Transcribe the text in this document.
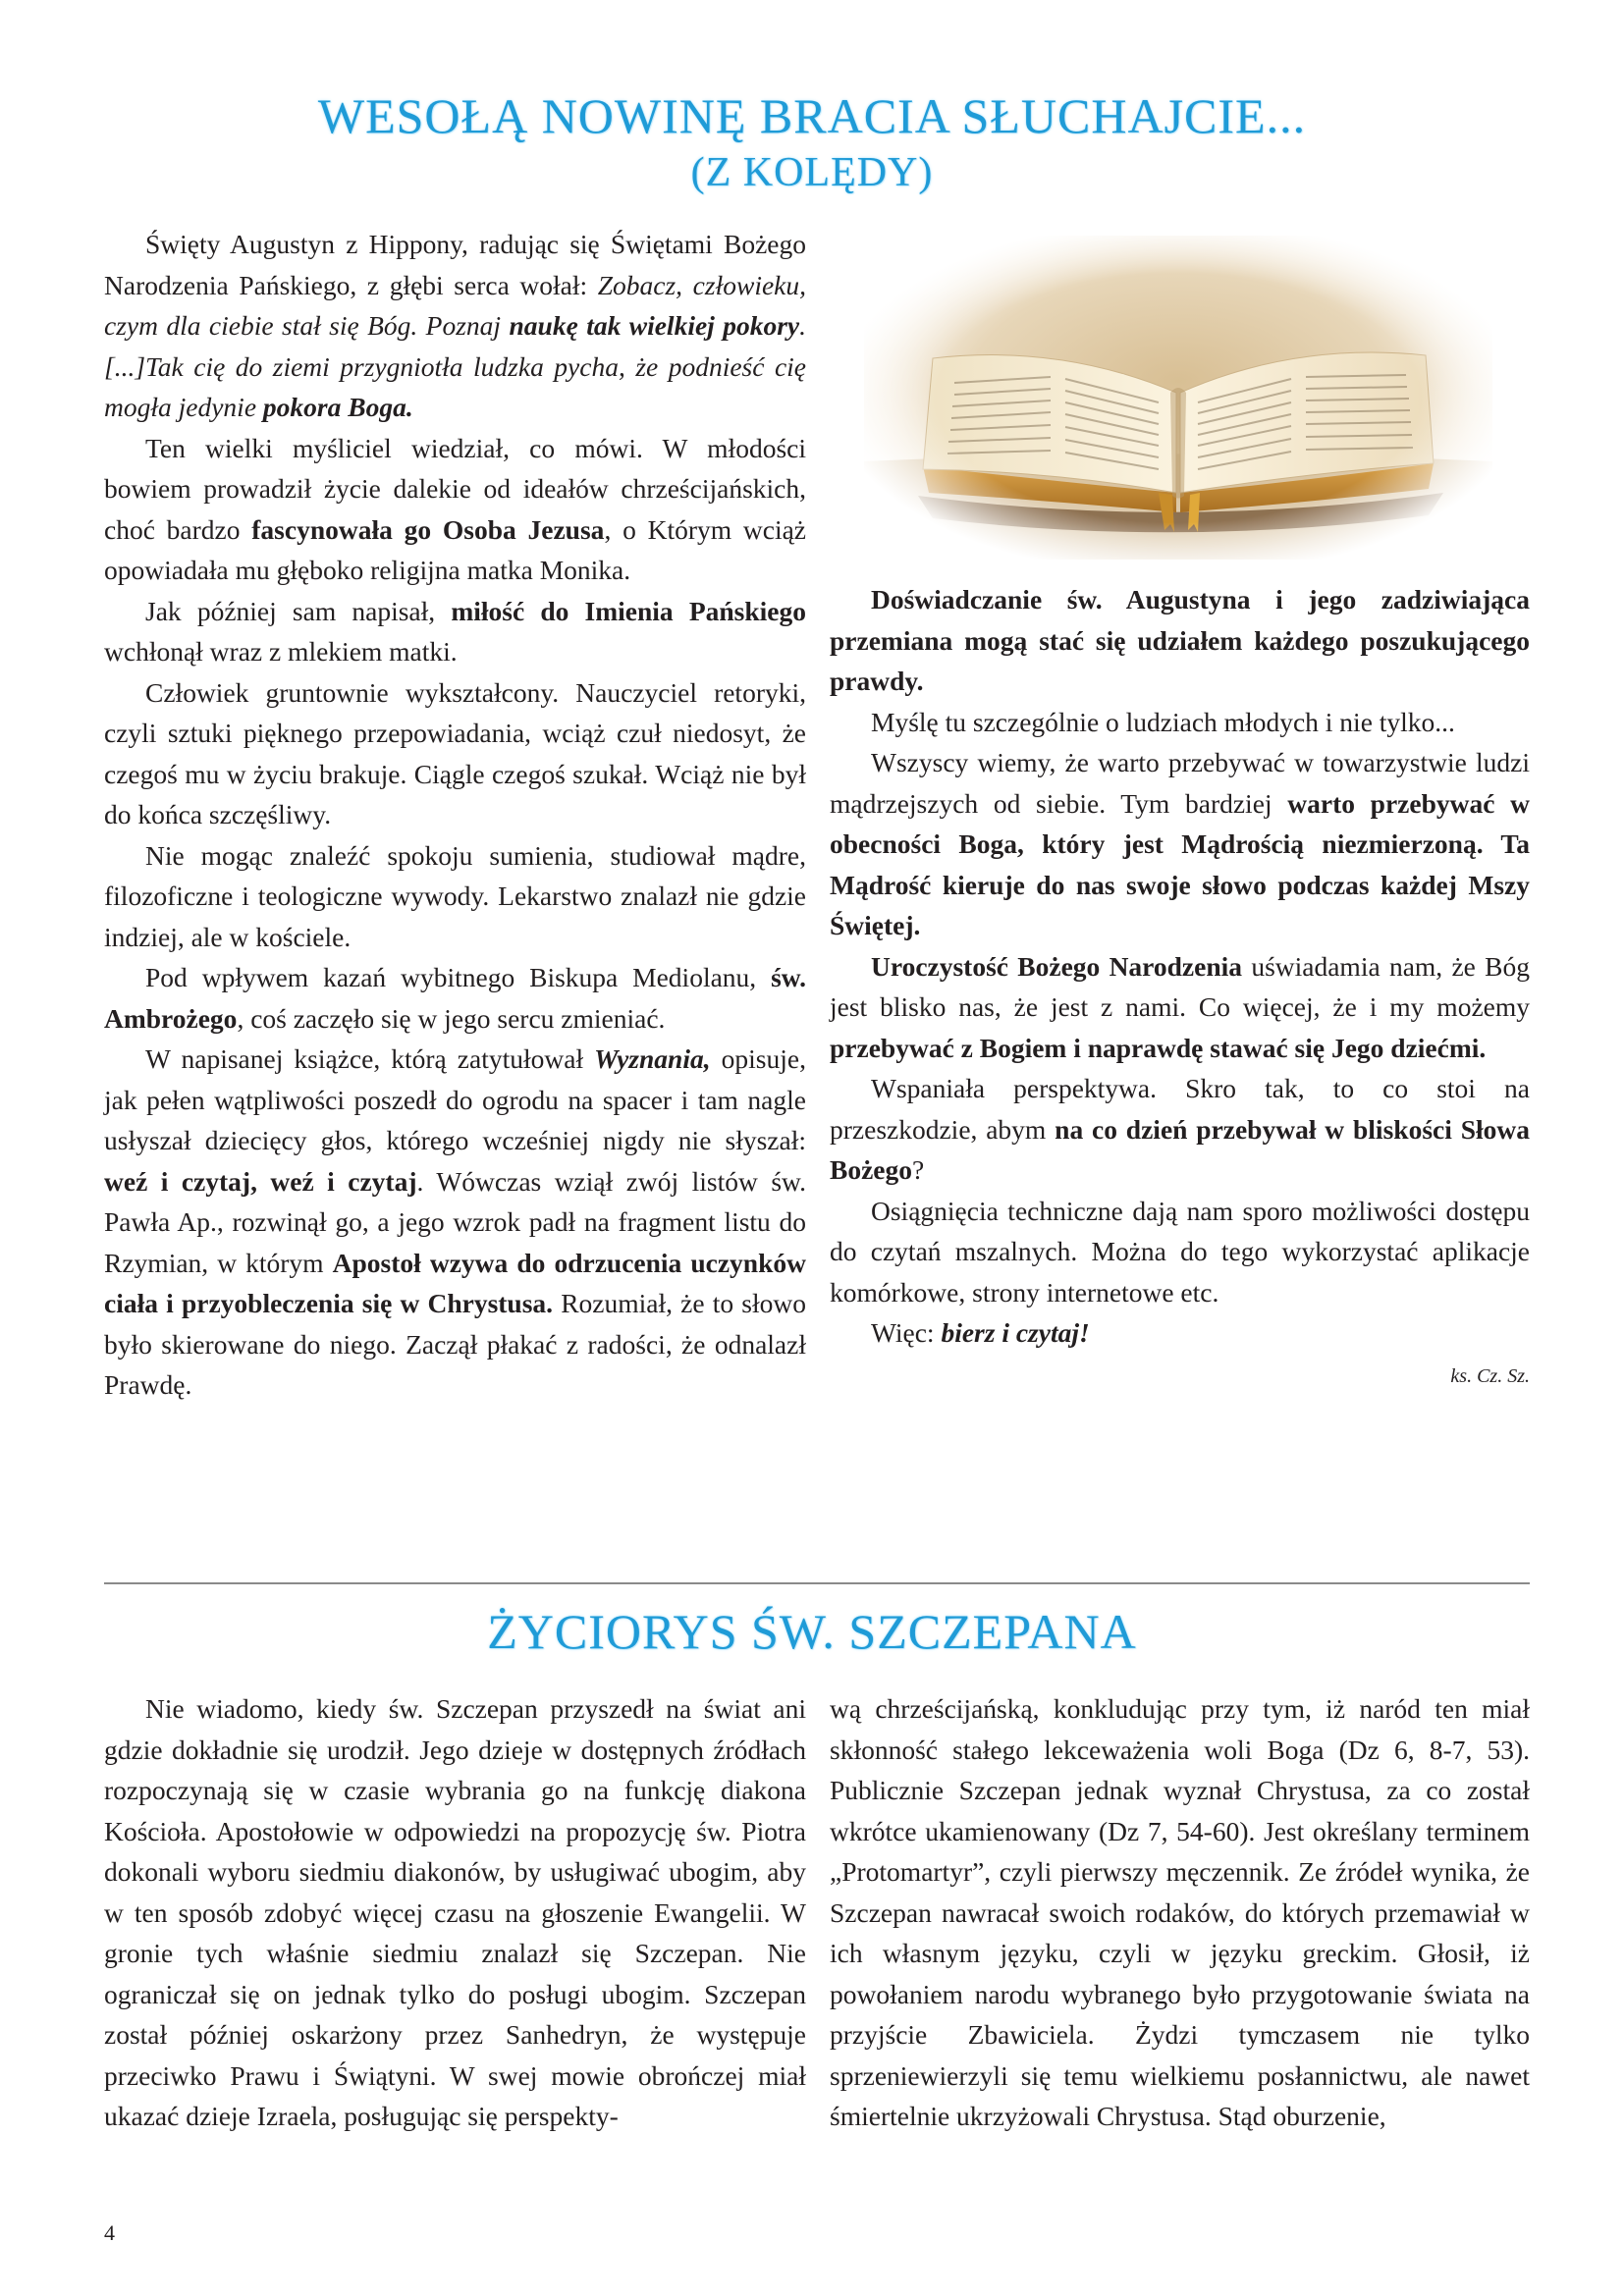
WESOŁĄ NOWINĘ BRACIA SŁUCHAJCIE...
(Z KOLĘDY)

Święty Augustyn z Hippony, radując się Świętami Bożego Narodzenia Pańskiego, z głębi serca wołał: Zobacz, człowieku, czym dla ciebie stał się Bóg. Poznaj naukę tak wielkiej pokory. [...]Tak cię do ziemi przygniotła ludzka pycha, że podnieść cię mogła jedynie pokora Boga.

Ten wielki myśliciel wiedział, co mówi. W młodości bowiem prowadził życie dalekie od ideałów chrześcijańskich, choć bardzo fascynowała go Osoba Jezusa, o Którym wciąż opowiadała mu głęboko religijna matka Monika.

Jak później sam napisał, miłość do Imienia Pańskiego wchłonął wraz z mlekiem matki.

Człowiek gruntownie wykształcony. Nauczyciel retoryki, czyli sztuki pięknego przepowiadania, wciąż czuł niedosyt, że czegoś mu w życiu brakuje. Ciągle czegoś szukał. Wciąż nie był do końca szczęśliwy.

Nie mogąc znaleźć spokoju sumienia, studiował mądre, filozoficzne i teologiczne wywody. Lekarstwo znalazł nie gdzie indziej, ale w kościele.

Pod wpływem kazań wybitnego Biskupa Mediolanu, św. Ambrożego, coś zaczęło się w jego sercu zmieniać.

W napisanej książce, którą zatytułował Wyznania, opisuje, jak pełen wątpliwości poszedł do ogrodu na spacer i tam nagle usłyszał dziecięcy głos, którego wcześniej nigdy nie słyszał: weź i czytaj, weź i czytaj. Wówczas wziął zwój listów św. Pawła Ap., rozwinął go, a jego wzrok padł na fragment listu do Rzymian, w którym Apostoł wzywa do odrzucenia uczynków ciała i przyobleczenia się w Chrystusa. Rozumiał, że to słowo było skierowane do niego. Zaczął płakać z radości, że odnalazł Prawdę.

Doświadczanie św. Augustyna i jego zadziwiająca przemiana mogą stać się udziałem każdego poszukującego prawdy.

Myślę tu szczególnie o ludziach młodych i nie tylko...

Wszyscy wiemy, że warto przebywać w towarzystwie ludzi mądrzejszych od siebie. Tym bardziej warto przebywać w obecności Boga, który jest Mądrością niezmierzoną. Ta Mądrość kieruje do nas swoje słowo podczas każdej Mszy Świętej.

Uroczystość Bożego Narodzenia uświadamia nam, że Bóg jest blisko nas, że jest z nami. Co więcej, że i my możemy przebywać z Bogiem i naprawdę stawać się Jego dziećmi.

Wspaniała perspektywa. Skro tak, to co stoi na przeszkodzie, abym na co dzień przebywał w bliskości Słowa Bożego?

Osiągnięcia techniczne dają nam sporo możliwości dostępu do czytań mszalnych. Można do tego wykorzystać aplikacje komórkowe, strony internetowe etc.

Więc: bierz i czytaj!

ks. Cz. Sz.
ŻYCIORYS ŚW. SZCZEPANA

Nie wiadomo, kiedy św. Szczepan przyszedł na świat ani gdzie dokładnie się urodził. Jego dzieje w dostępnych źródłach rozpoczynają się w czasie wybrania go na funkcję diakona Kościoła. Apostołowie w odpowiedzi na propozycję św. Piotra dokonali wyboru siedmiu diakonów, by usługiwać ubogim, aby w ten sposób zdobyć więcej czasu na głoszenie Ewangelii. W gronie tych właśnie siedmiu znalazł się Szczepan. Nie ograniczał się on jednak tylko do posługi ubogim. Szczepan został później oskarżony przez Sanhedryn, że występuje przeciwko Prawu i Świątyni. W swej mowie obrończej miał ukazać dzieje Izraela, posługując się perspekty-

wą chrześcijańską, konkludując przy tym, iż naród ten miał skłonność stałego lekceważenia woli Boga (Dz 6, 8-7, 53). Publicznie Szczepan jednak wyznał Chrystusa, za co został wkrótce ukamienowany (Dz 7, 54-60). Jest określany terminem „Protomartyr”, czyli pierwszy męczennik. Ze źródeł wynika, że Szczepan nawracał swoich rodaków, do których przemawiał w ich własnym języku, czyli w języku greckim. Głosił, iż powołaniem narodu wybranego było przygotowanie świata na przyjście Zbawiciela. Żydzi tymczasem nie tylko sprzeniewierzyli się temu wielkiemu posłannictwu, ale nawet śmiertelnie ukrzyżowali Chrystusa. Stąd oburzenie,

4
